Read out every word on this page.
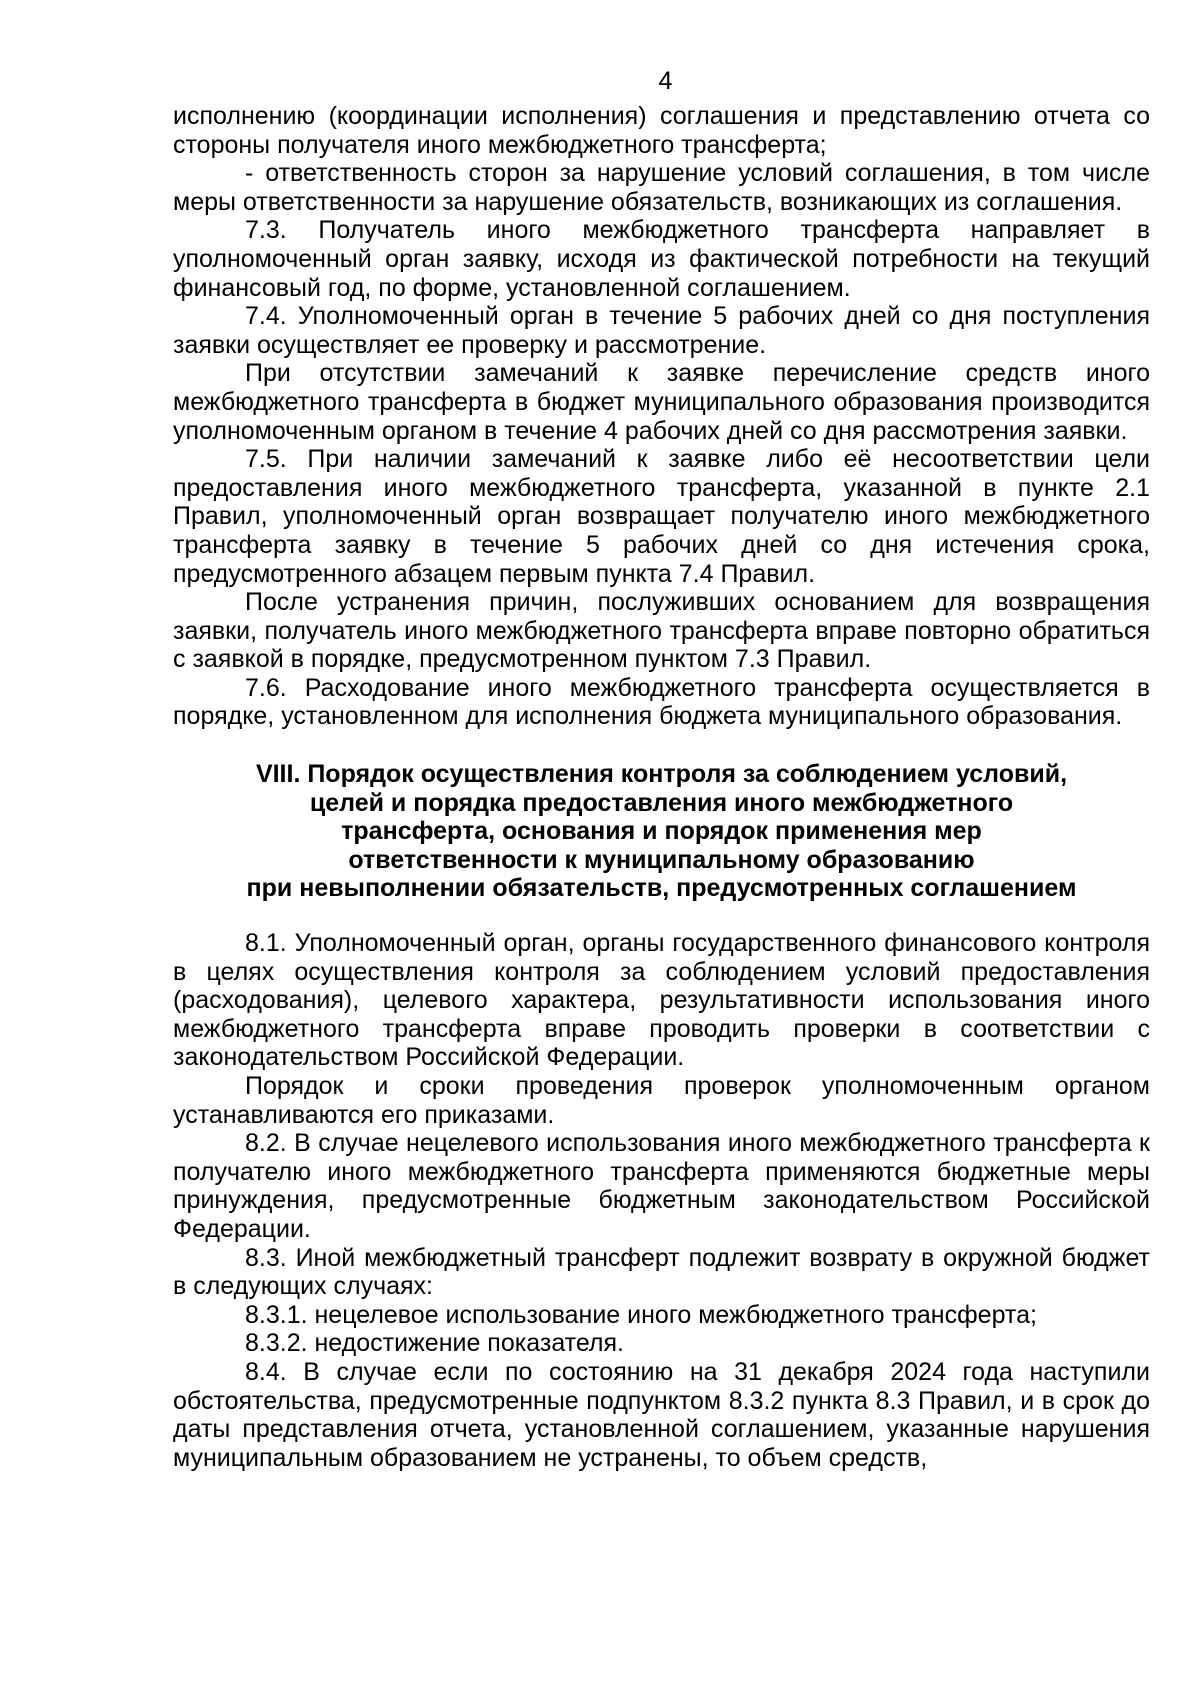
4

исполнению (координации исполнения) соглашения и представлению отчета со стороны получателя иного межбюджетного трансферта;

- ответственность сторон за нарушение условий соглашения, в том числе меры ответственности за нарушение обязательств, возникающих из соглашения.

7.3. Получатель иного межбюджетного трансферта направляет в уполномоченный орган заявку, исходя из фактической потребности на текущий финансовый год, по форме, установленной соглашением.

7.4. Уполномоченный орган в течение 5 рабочих дней со дня поступления заявки осуществляет ее проверку и рассмотрение.

При отсутствии замечаний к заявке перечисление средств иного межбюджетного трансферта в бюджет муниципального образования производится уполномоченным органом в течение 4 рабочих дней со дня рассмотрения заявки.

7.5. При наличии замечаний к заявке либо её несоответствии цели предоставления иного межбюджетного трансферта, указанной в пункте 2.1 Правил, уполномоченный орган возвращает получателю иного межбюджетного трансферта заявку в течение 5 рабочих дней со дня истечения срока, предусмотренного абзацем первым пункта 7.4 Правил.

После устранения причин, послуживших основанием для возвращения заявки, получатель иного межбюджетного трансферта вправе повторно обратиться с заявкой в порядке, предусмотренном пунктом 7.3 Правил.

7.6. Расходование иного межбюджетного трансферта осуществляется в порядке, установленном для исполнения бюджета муниципального образования.

VIII. Порядок осуществления контроля за соблюдением условий,
целей и порядка предоставления иного межбюджетного
трансферта, основания и порядок применения мер
ответственности к муниципальному образованию
при невыполнении обязательств, предусмотренных соглашением

8.1. Уполномоченный орган, органы государственного финансового контроля в целях осуществления контроля за соблюдением условий предоставления (расходования), целевого характера, результативности использования иного межбюджетного трансферта вправе проводить проверки в соответствии с законодательством Российской Федерации.

Порядок и сроки проведения проверок уполномоченным органом устанавливаются его приказами.

8.2. В случае нецелевого использования иного межбюджетного трансферта к получателю иного межбюджетного трансферта применяются бюджетные меры принуждения, предусмотренные бюджетным законодательством Российской Федерации.

8.3. Иной межбюджетный трансферт подлежит возврату в окружной бюджет в следующих случаях:

8.3.1. нецелевое использование иного межбюджетного трансферта;

8.3.2. недостижение показателя.

8.4. В случае если по состоянию на 31 декабря 2024 года наступили обстоятельства, предусмотренные подпунктом 8.3.2 пункта 8.3 Правил, и в срок до даты представления отчета, установленной соглашением, указанные нарушения муниципальным образованием не устранены, то объем средств,
